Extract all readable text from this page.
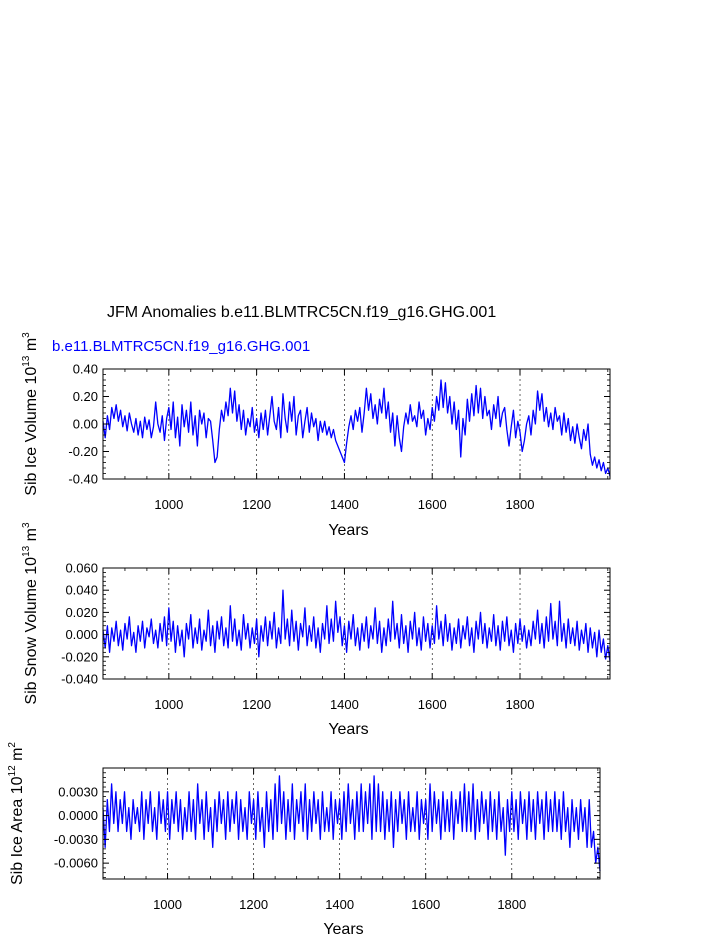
JFM Anomalies b.e11.BLMTRC5CN.f19_g16.GHG.001
b.e11.BLMTRC5CN.f19_g16.GHG.001
1000	1200	1400	1600	1800
-0.40
-0.20
0.00
0.20
0.40
Years
Sib Ice Volume $10^{13}$ $m^3$
1000	1200	1400	1600	1800
-0.040
-0.020
0.000
0.020
0.040
0.060
Years
Sib Snow Volume $10^{13}$ $m^3$
1000	1200	1400	1600	1800
-0.0060
-0.0030
0.0000
0.0030
Years
Sib Ice Area $10^{12}$ $m^2$
